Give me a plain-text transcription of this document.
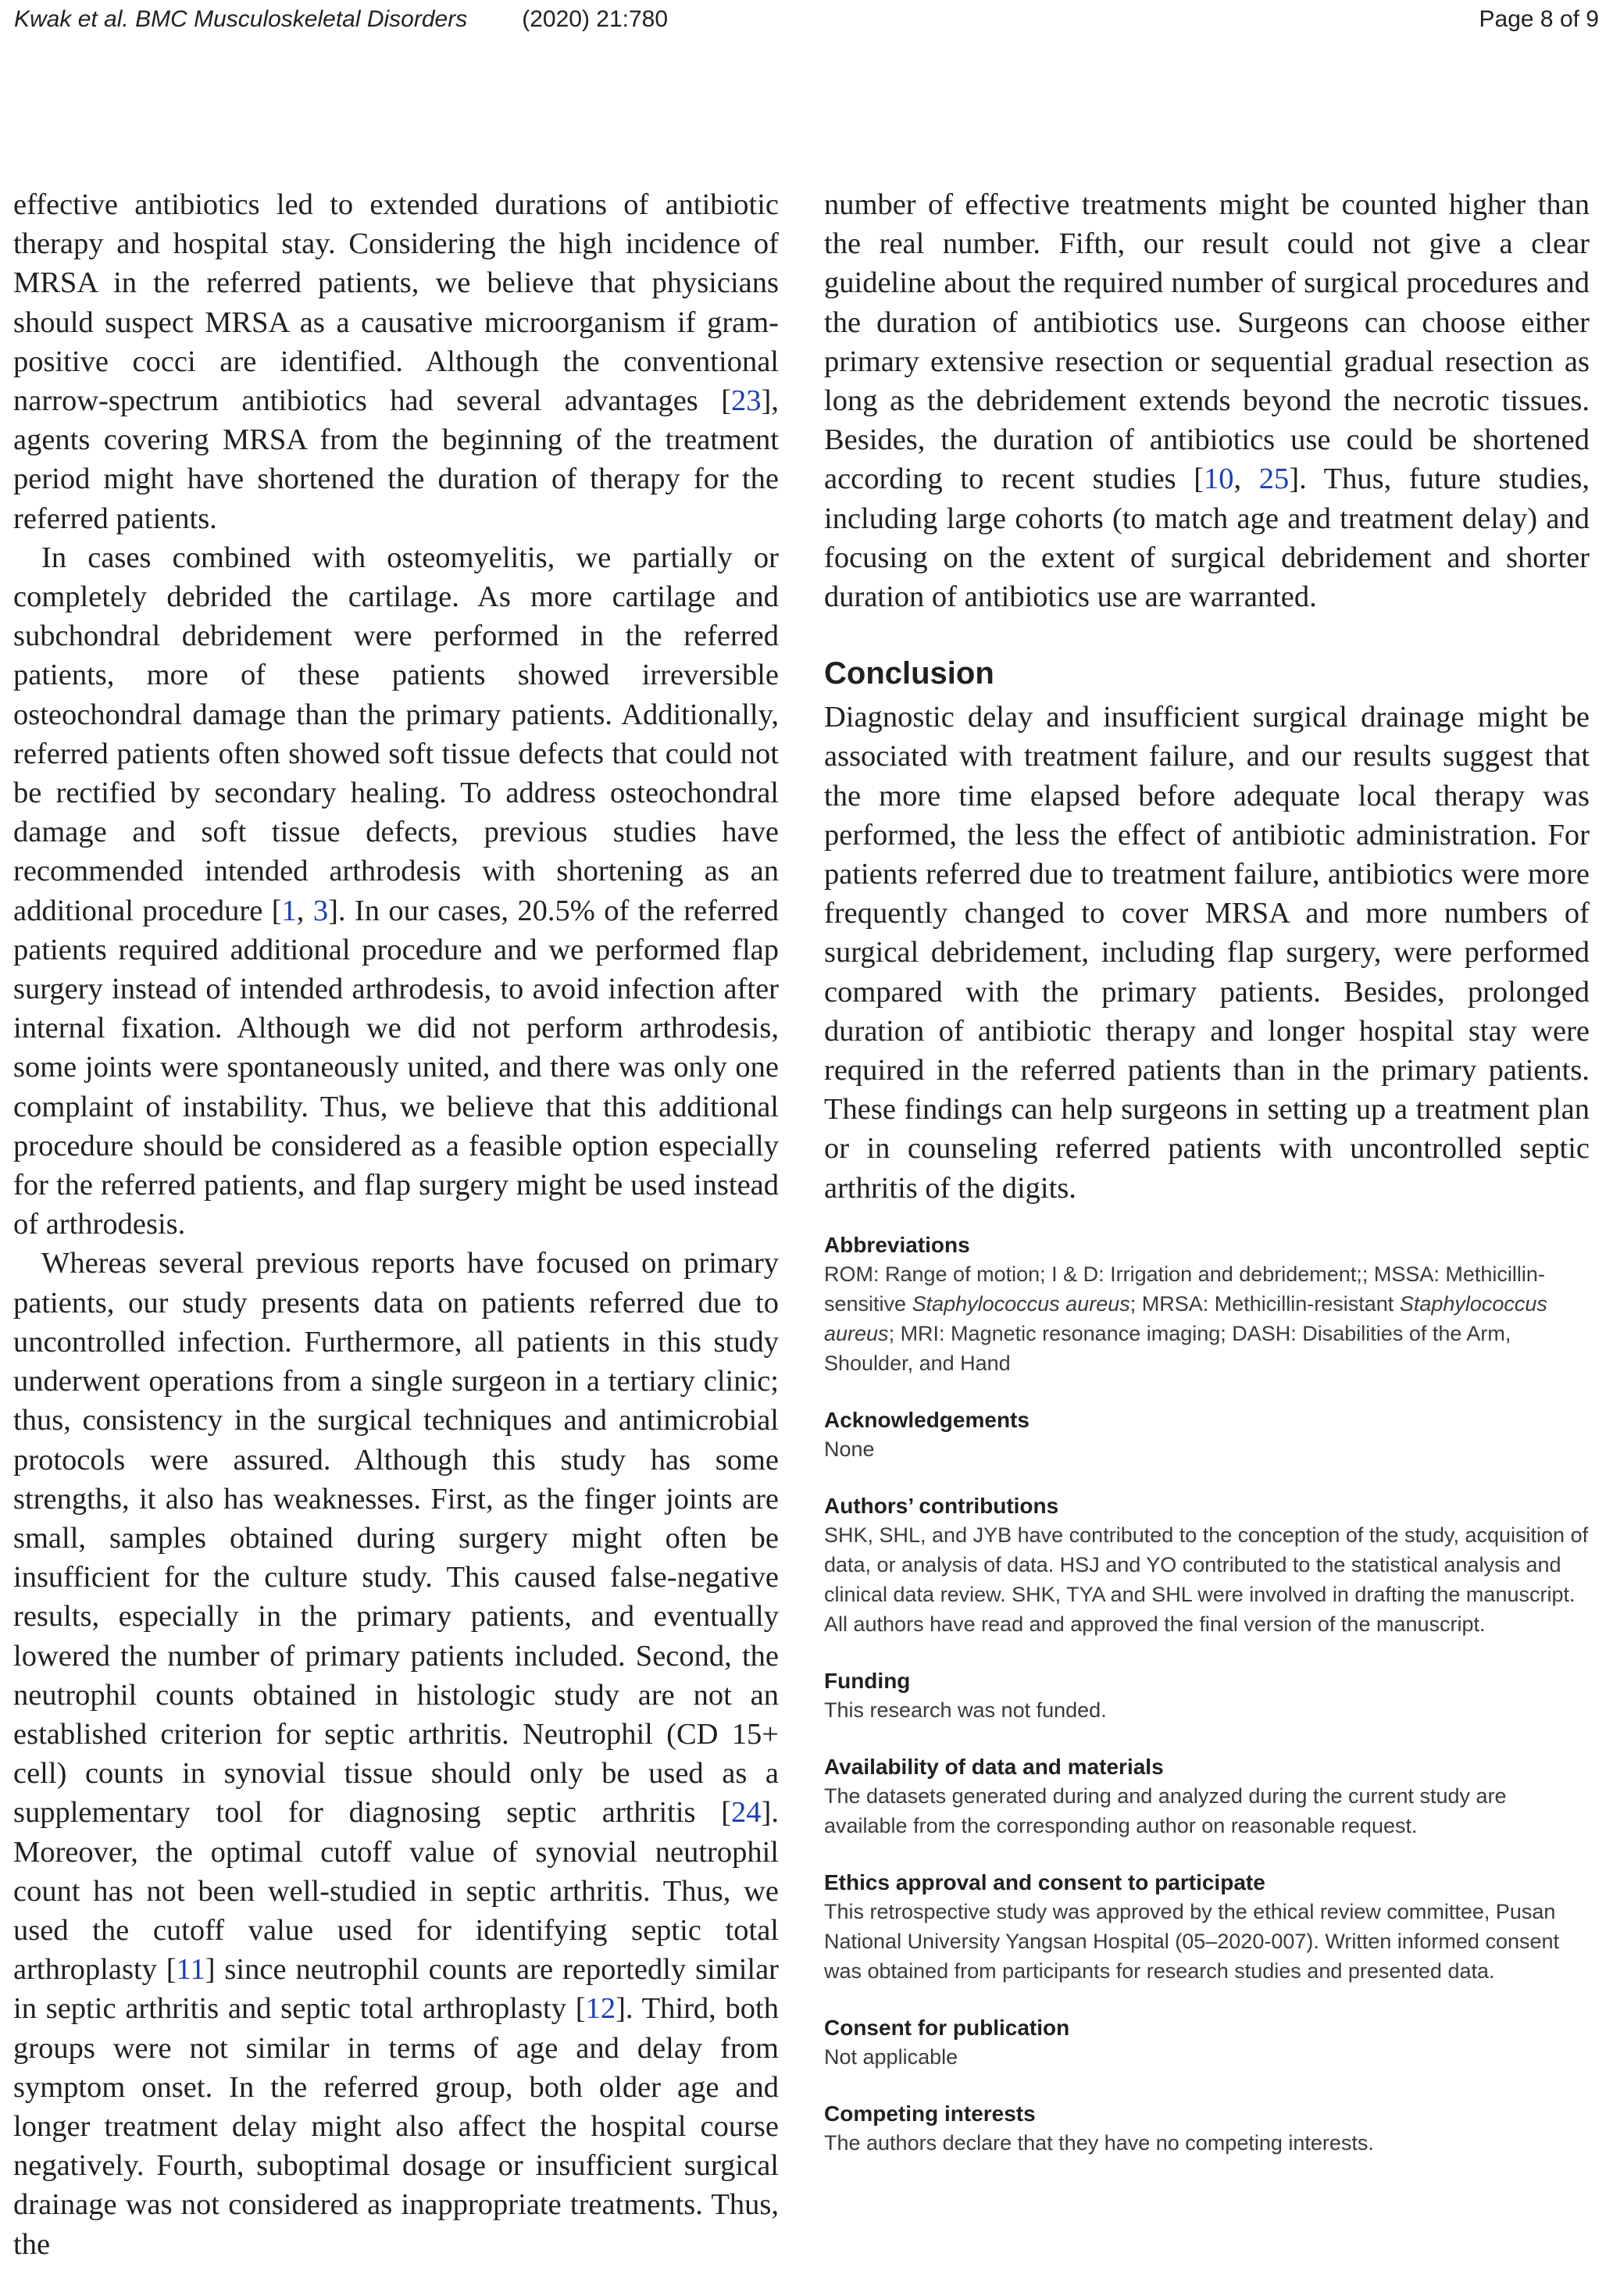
Kwak et al. BMC Musculoskeletal Disorders (2020) 21:780	Page 8 of 9

effective antibiotics led to extended durations of antibiotic therapy and hospital stay. Considering the high incidence of MRSA in the referred patients, we believe that physicians should suspect MRSA as a causative microorganism if gram-positive cocci are identified. Although the conventional narrow-spectrum antibiotics had several advantages [23], agents covering MRSA from the beginning of the treatment period might have shortened the duration of therapy for the referred patients.

In cases combined with osteomyelitis, we partially or completely debrided the cartilage. As more cartilage and subchondral debridement were performed in the referred patients, more of these patients showed irreversible osteochondral damage than the primary patients. Additionally, referred patients often showed soft tissue defects that could not be rectified by secondary healing. To address osteochondral damage and soft tissue defects, previous studies have recommended intended arthrodesis with shortening as an additional procedure [1, 3]. In our cases, 20.5% of the referred patients required additional procedure and we performed flap surgery instead of intended arthrodesis, to avoid infection after internal fixation. Although we did not perform arthrodesis, some joints were spontaneously united, and there was only one complaint of instability. Thus, we believe that this additional procedure should be considered as a feasible option especially for the referred patients, and flap surgery might be used instead of arthrodesis.

Whereas several previous reports have focused on primary patients, our study presents data on patients referred due to uncontrolled infection. Furthermore, all patients in this study underwent operations from a single surgeon in a tertiary clinic; thus, consistency in the surgical techniques and antimicrobial protocols were assured. Although this study has some strengths, it also has weaknesses. First, as the finger joints are small, samples obtained during surgery might often be insufficient for the culture study. This caused false-negative results, especially in the primary patients, and eventually lowered the number of primary patients included. Second, the neutrophil counts obtained in histologic study are not an established criterion for septic arthritis. Neutrophil (CD 15+ cell) counts in synovial tissue should only be used as a supplementary tool for diagnosing septic arthritis [24]. Moreover, the optimal cutoff value of synovial neutrophil count has not been well-studied in septic arthritis. Thus, we used the cutoff value used for identifying septic total arthroplasty [11] since neutrophil counts are reportedly similar in septic arthritis and septic total arthroplasty [12]. Third, both groups were not similar in terms of age and delay from symptom onset. In the referred group, both older age and longer treatment delay might also affect the hospital course negatively. Fourth, suboptimal dosage or insufficient surgical drainage was not considered as inappropriate treatments. Thus, the

number of effective treatments might be counted higher than the real number. Fifth, our result could not give a clear guideline about the required number of surgical procedures and the duration of antibiotics use. Surgeons can choose either primary extensive resection or sequential gradual resection as long as the debridement extends beyond the necrotic tissues. Besides, the duration of antibiotics use could be shortened according to recent studies [10, 25]. Thus, future studies, including large cohorts (to match age and treatment delay) and focusing on the extent of surgical debridement and shorter duration of antibiotics use are warranted.

Conclusion

Diagnostic delay and insufficient surgical drainage might be associated with treatment failure, and our results suggest that the more time elapsed before adequate local therapy was performed, the less the effect of antibiotic administration. For patients referred due to treatment failure, antibiotics were more frequently changed to cover MRSA and more numbers of surgical debridement, including flap surgery, were performed compared with the primary patients. Besides, prolonged duration of antibiotic therapy and longer hospital stay were required in the referred patients than in the primary patients. These findings can help surgeons in setting up a treatment plan or in counseling referred patients with uncontrolled septic arthritis of the digits.

Abbreviations
ROM: Range of motion; I & D: Irrigation and debridement;; MSSA: Methicillin-sensitive Staphylococcus aureus; MRSA: Methicillin-resistant Staphylococcus aureus; MRI: Magnetic resonance imaging; DASH: Disabilities of the Arm, Shoulder, and Hand
Acknowledgements
None
Authors’ contributions
SHK, SHL, and JYB have contributed to the conception of the study, acquisition of data, or analysis of data. HSJ and YO contributed to the statistical analysis and clinical data review. SHK, TYA and SHL were involved in drafting the manuscript. All authors have read and approved the final version of the manuscript.
Funding
This research was not funded.
Availability of data and materials
The datasets generated during and analyzed during the current study are available from the corresponding author on reasonable request.
Ethics approval and consent to participate
This retrospective study was approved by the ethical review committee, Pusan National University Yangsan Hospital (05–2020-007). Written informed consent was obtained from participants for research studies and presented data.
Consent for publication
Not applicable
Competing interests
The authors declare that they have no competing interests.
